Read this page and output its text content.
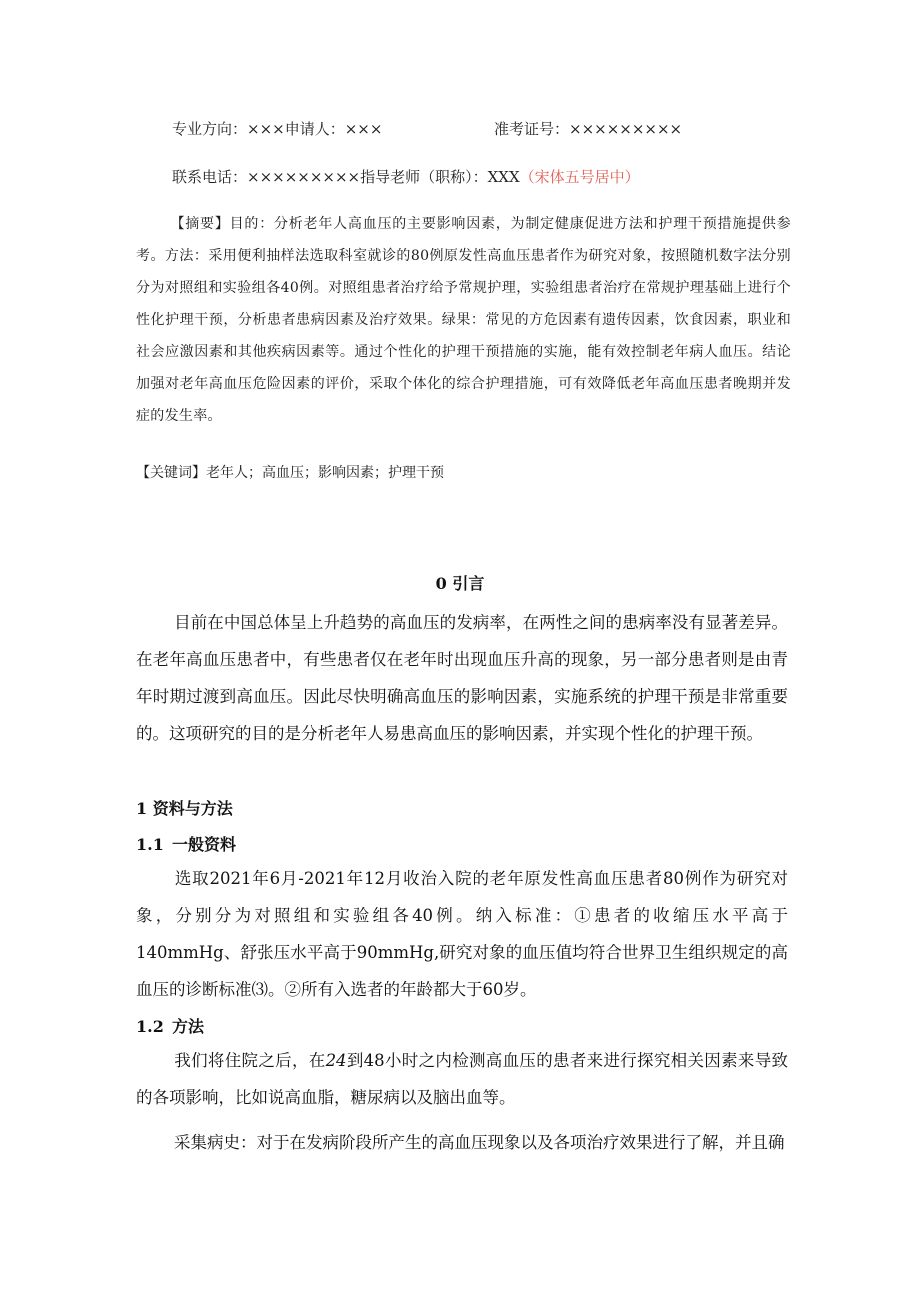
专业方向：×××申请人：×××	准考证号：×××××××××
联系电话：×××××××××指导老师（职称）：XXX（宋体五号居中）
【摘要】目的：分析老年人高血压的主要影响因素，为制定健康促进方法和护理干预措施提供参考。方法：采用便利抽样法选取科室就诊的80例原发性高血压患者作为研究对象，按照随机数字法分别分为对照组和实验组各40例。对照组患者治疗给予常规护理，实验组患者治疗在常规护理基础上进行个性化护理干预，分析患者患病因素及治疗效果。绿果：常见的方危因素有遗传因素，饮食因素，职业和社会应激因素和其他疾病因素等。通过个性化的护理干预措施的实施，能有效控制老年病人血压。结论加强对老年高血压危险因素的评价，采取个体化的综合护理措施，可有效降低老年高血压患者晚期并发症的发生率。
【关键词】老年人；高血压；影响因素；护理干预
0 引言
目前在中国总体呈上升趋势的高血压的发病率，在两性之间的患病率没有显著差异。在老年高血压患者中，有些患者仅在老年时出现血压升高的现象，另一部分患者则是由青年时期过渡到高血压。因此尽快明确高血压的影响因素，实施系统的护理干预是非常重要的。这项研究的目的是分析老年人易患高血压的影响因素，并实现个性化的护理干预。
1 资料与方法
1.1 一般资料
选取2021年6月-2021年12月收治入院的老年原发性高血压患者80例作为研究对象，分别分为对照组和实验组各40例。纳入标准：①患者的收缩压水平高于140mmHg、舒张压水平高于90mmHg,研究对象的血压值均符合世界卫生组织规定的高血压的诊断标准⑶。②所有入选者的年龄都大于60岁。
1.2 方法
我们将住院之后，在24到48小时之内检测高血压的患者来进行探究相关因素来导致的各项影响，比如说高血脂，糖尿病以及脑出血等。
采集病史：对于在发病阶段所产生的高血压现象以及各项治疗效果进行了解，并且确
